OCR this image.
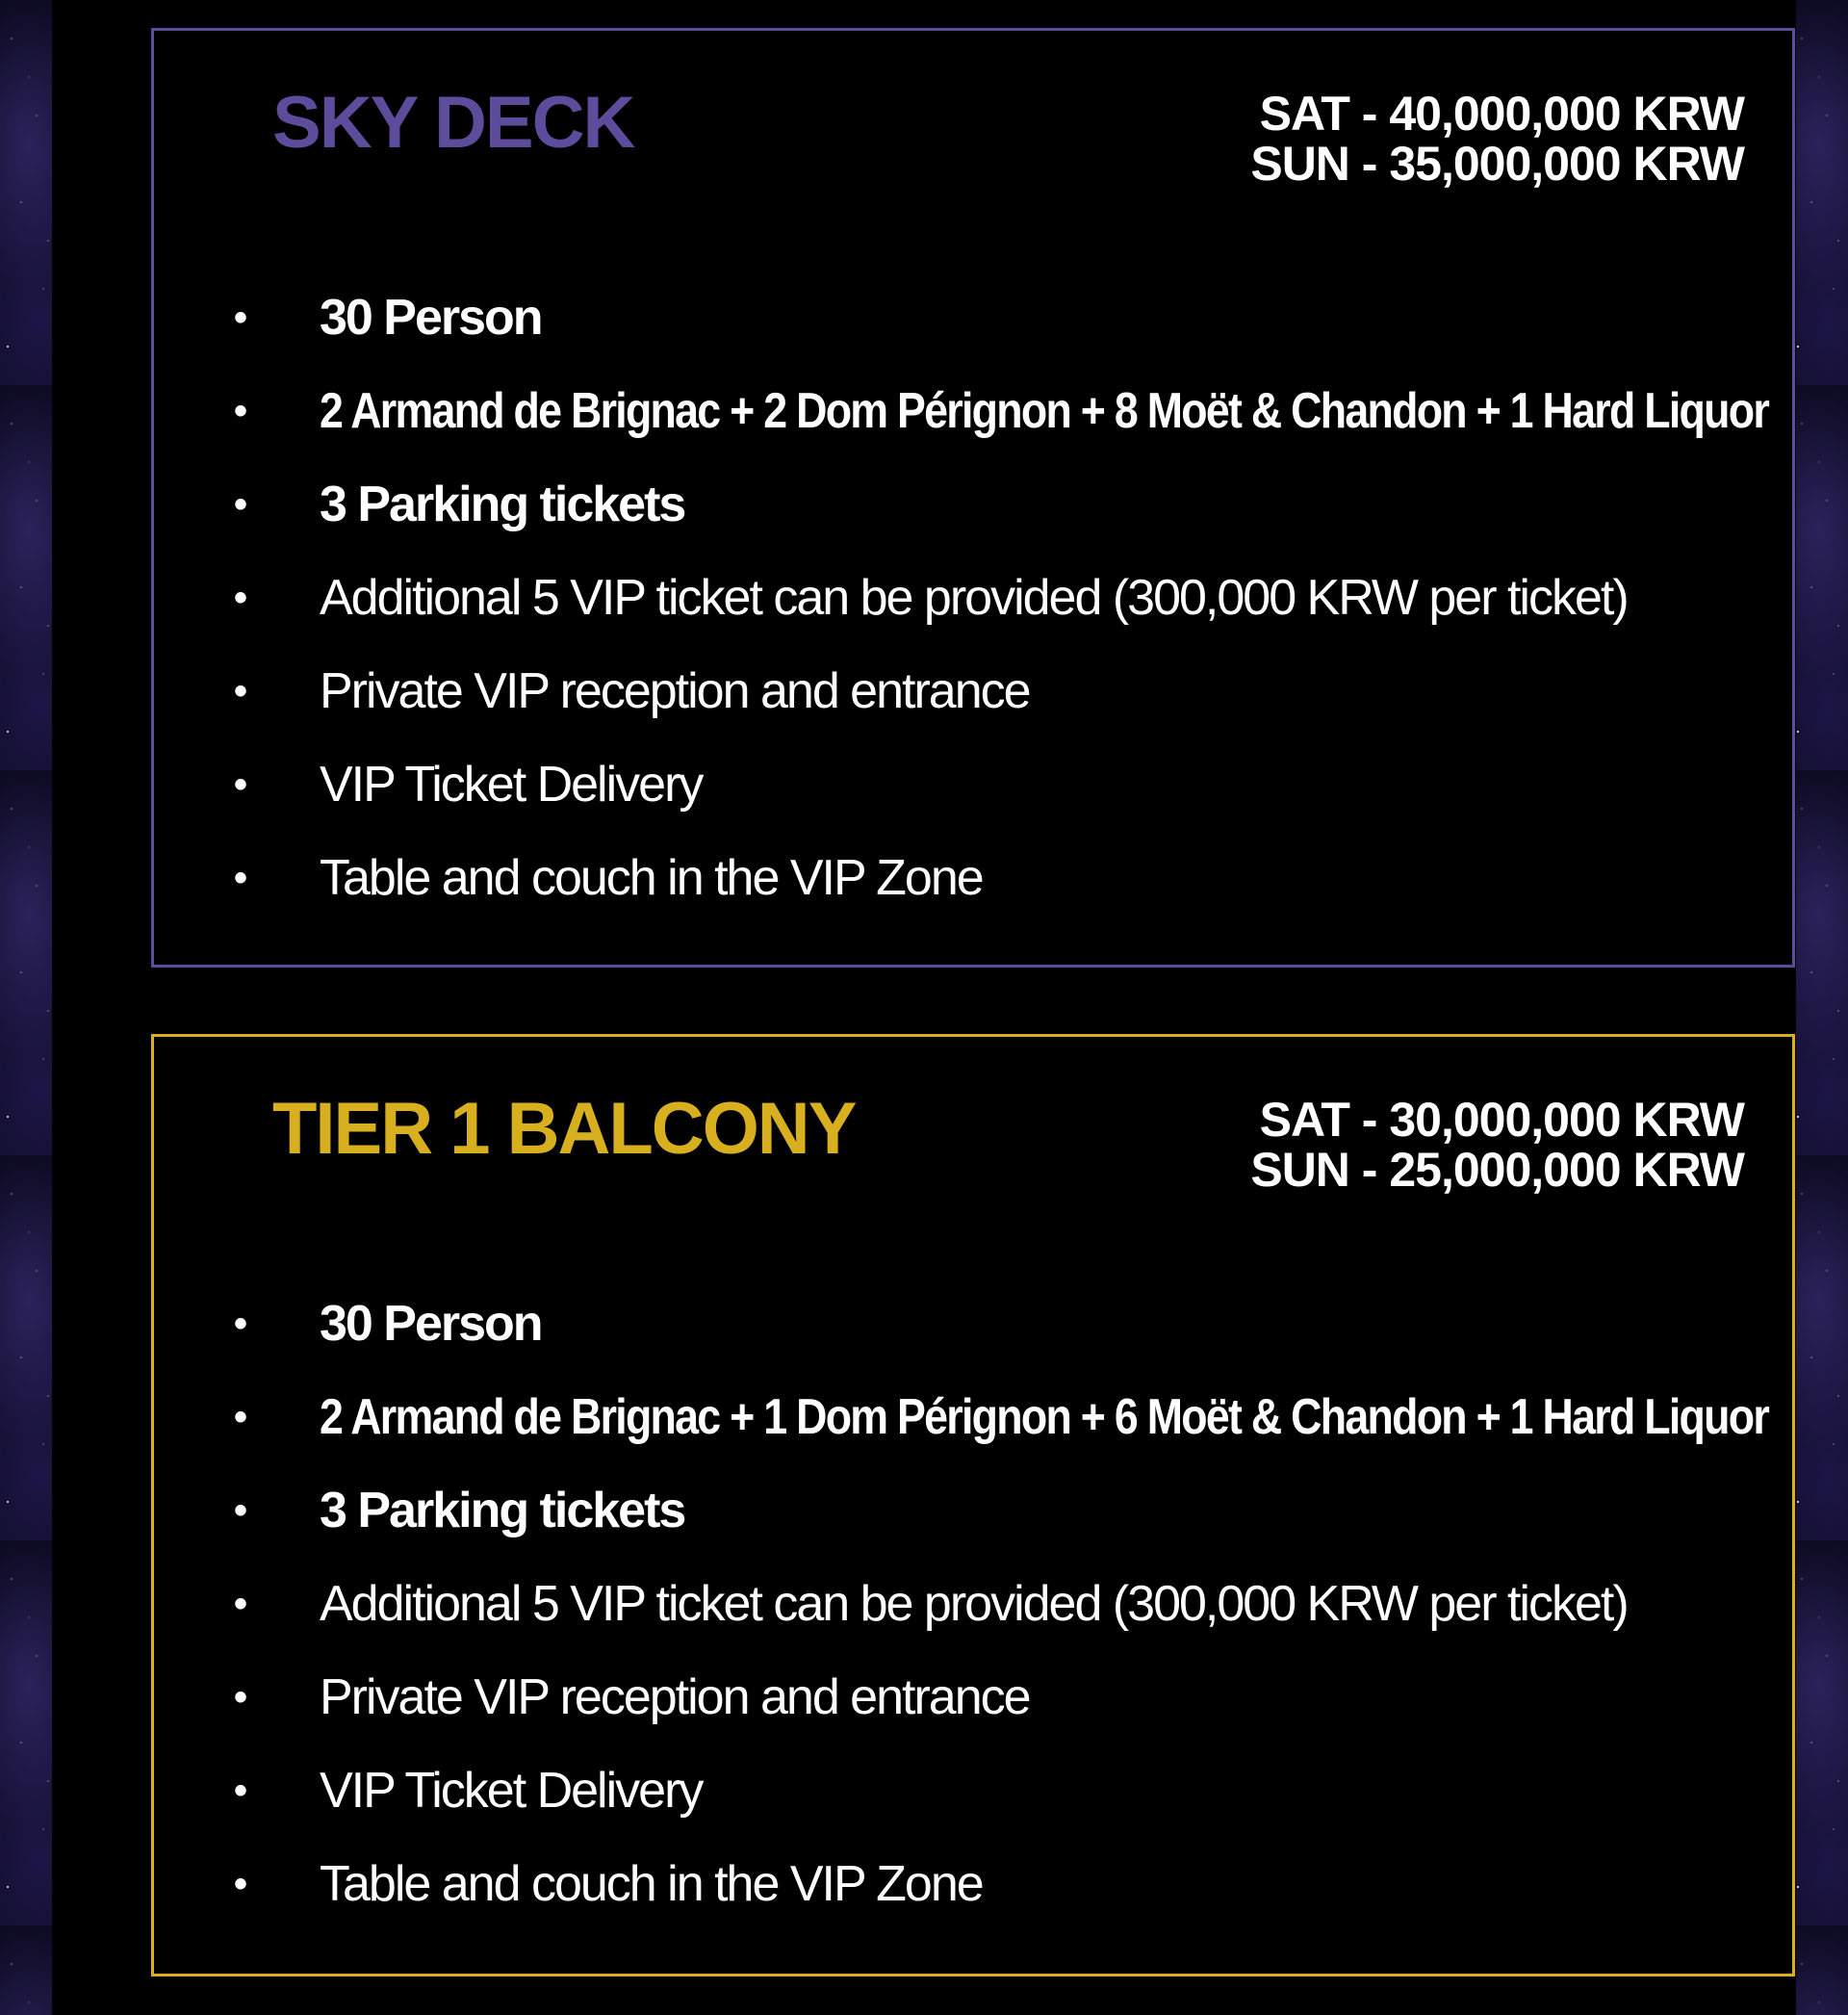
SKY DECK	SAT - 40,000,000 KRW
SUN - 35,000,000 KRW
• 30 Person
• 2 Armand de Brignac + 2 Dom Pérignon + 8 Moët & Chandon + 1 Hard Liquor
• 3 Parking tickets
• Additional 5 VIP ticket can be provided (300,000 KRW per ticket)
• Private VIP reception and entrance
• VIP Ticket Delivery
• Table and couch in the VIP Zone
TIER 1 BALCONY	SAT - 30,000,000 KRW
SUN - 25,000,000 KRW
• 30 Person
• 2 Armand de Brignac + 1 Dom Pérignon + 6 Moët & Chandon + 1 Hard Liquor
• 3 Parking tickets
• Additional 5 VIP ticket can be provided (300,000 KRW per ticket)
• Private VIP reception and entrance
• VIP Ticket Delivery
• Table and couch in the VIP Zone
